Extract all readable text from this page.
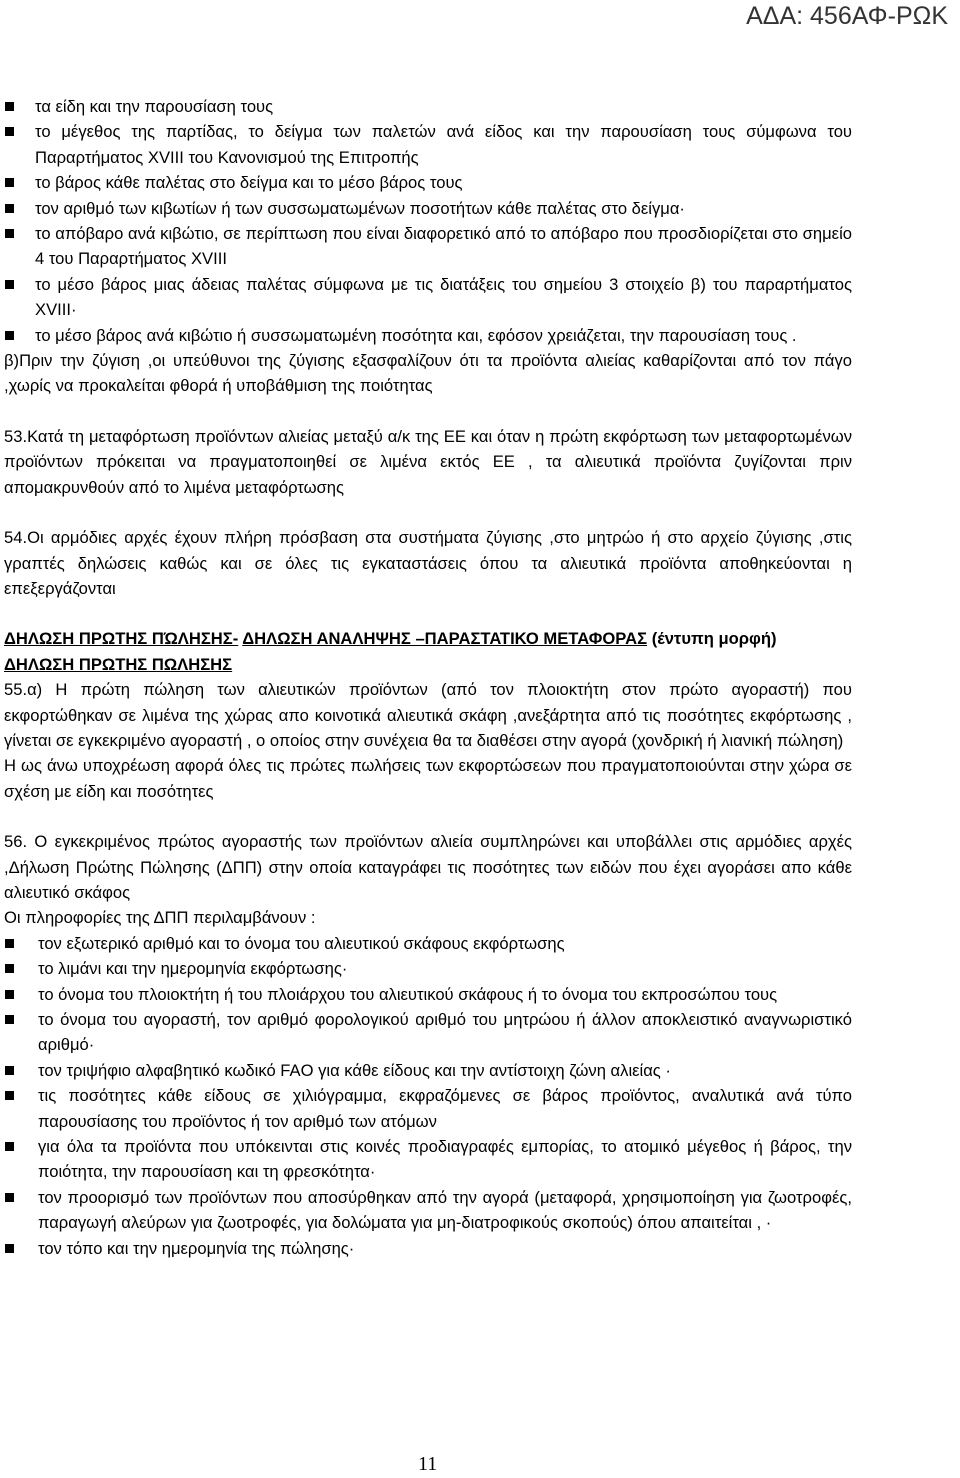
ΑΔΑ: 456ΑΦ-ΡΩΚ
τα είδη και την παρουσίαση τους
το μέγεθος της παρτίδας, το δείγμα των παλετών ανά είδος και την παρουσίαση τους σύμφωνα του Παραρτήματος XVIII του Κανονισμού της Επιτροπής
το βάρος κάθε παλέτας στο δείγμα και το μέσο βάρος τους
τον αριθμό των κιβωτίων ή των συσσωματωμένων ποσοτήτων κάθε παλέτας στο δείγμα·
το απόβαρο ανά κιβώτιο, σε περίπτωση που είναι διαφορετικό από το απόβαρο που προσδιορίζεται στο σημείο 4 του Παραρτήματος XVIII
το μέσο βάρος μιας άδειας παλέτας σύμφωνα με τις διατάξεις του σημείου 3 στοιχείο β) του παραρτήματος XVIII·
το μέσο βάρος ανά κιβώτιο ή συσσωματωμένη ποσότητα και, εφόσον χρειάζεται, την παρουσίαση τους .
β)Πριν την ζύγιση ,οι υπεύθυνοι της ζύγισης εξασφαλίζουν ότι τα προϊόντα αλιείας καθαρίζονται από τον πάγο ,χωρίς να προκαλείται φθορά ή υποβάθμιση της ποιότητας
53.Κατά τη μεταφόρτωση προϊόντων αλιείας μεταξύ α/κ της ΕΕ και όταν η πρώτη εκφόρτωση των μεταφορτωμένων προϊόντων πρόκειται να πραγματοποιηθεί σε λιμένα εκτός ΕΕ , τα αλιευτικά προϊόντα ζυγίζονται πριν απομακρυνθούν από το λιμένα μεταφόρτωσης
54.Οι αρμόδιες αρχές έχουν πλήρη πρόσβαση στα συστήματα ζύγισης ,στο μητρώο ή στο αρχείο ζύγισης ,στις γραπτές δηλώσεις καθώς και σε όλες τις εγκαταστάσεις όπου τα αλιευτικά προϊόντα αποθηκεύονται η επεξεργάζονται
ΔΗΛΩΣΗ ΠΡΩΤΗΣ ΠΏΛΗΣΗΣ- ΔΗΛΩΣΗ ΑΝΑΛΗΨΗΣ –ΠΑΡΑΣΤΑΤΙΚΟ ΜΕΤΑΦΟΡΑΣ (έντυπη μορφή)
ΔΗΛΩΣΗ ΠΡΩΤΗΣ ΠΩΛΗΣΗΣ
55.α) Η πρώτη πώληση των αλιευτικών προϊόντων (από τον πλοιοκτήτη στον πρώτο αγοραστή) που εκφορτώθηκαν σε λιμένα της χώρας απο κοινοτικά αλιευτικά σκάφη ,ανεξάρτητα από τις ποσότητες εκφόρτωσης , γίνεται σε εγκεκριμένο αγοραστή , ο οποίος στην συνέχεια θα τα διαθέσει στην αγορά (χονδρική ή λιανική πώληση)
Η ως άνω υποχρέωση αφορά όλες τις πρώτες πωλήσεις των εκφορτώσεων που πραγματοποιούνται στην χώρα σε σχέση με είδη και ποσότητες
56. Ο εγκεκριμένος πρώτος αγοραστής των προϊόντων αλιεία συμπληρώνει και υποβάλλει στις αρμόδιες αρχές ,Δήλωση Πρώτης Πώλησης (ΔΠΠ) στην οποία καταγράφει τις ποσότητες των ειδών που έχει αγοράσει απο κάθε αλιευτικό σκάφος
Οι πληροφορίες της ΔΠΠ περιλαμβάνουν :
τον εξωτερικό αριθμό και το όνομα του αλιευτικού σκάφους εκφόρτωσης
το λιμάνι και την ημερομηνία εκφόρτωσης·
το όνομα του πλοιοκτήτη ή του πλοιάρχου του αλιευτικού σκάφους ή το όνομα του εκπροσώπου τους
το όνομα του αγοραστή, τον αριθμό φορολογικού αριθμό του μητρώου ή άλλον αποκλειστικό αναγνωριστικό αριθμό·
τον τριψήφιο αλφαβητικό κωδικό FAO για κάθε είδους και την αντίστοιχη ζώνη αλιείας ·
τις ποσότητες κάθε είδους σε χιλιόγραμμα, εκφραζόμενες σε βάρος προϊόντος, αναλυτικά ανά τύπο παρουσίασης του προϊόντος ή τον αριθμό των ατόμων
για όλα τα προϊόντα που υπόκεινται στις κοινές προδιαγραφές εμπορίας, το ατομικό μέγεθος ή βάρος, την ποιότητα, την παρουσίαση και τη φρεσκότητα·
τον προορισμό των προϊόντων που αποσύρθηκαν από την αγορά (μεταφορά, χρησιμοποίηση για ζωοτροφές, παραγωγή αλεύρων για ζωοτροφές, για δολώματα για μη-διατροφικούς σκοπούς) όπου απαιτείται , ·
τον τόπο και την ημερομηνία της πώλησης·
11
